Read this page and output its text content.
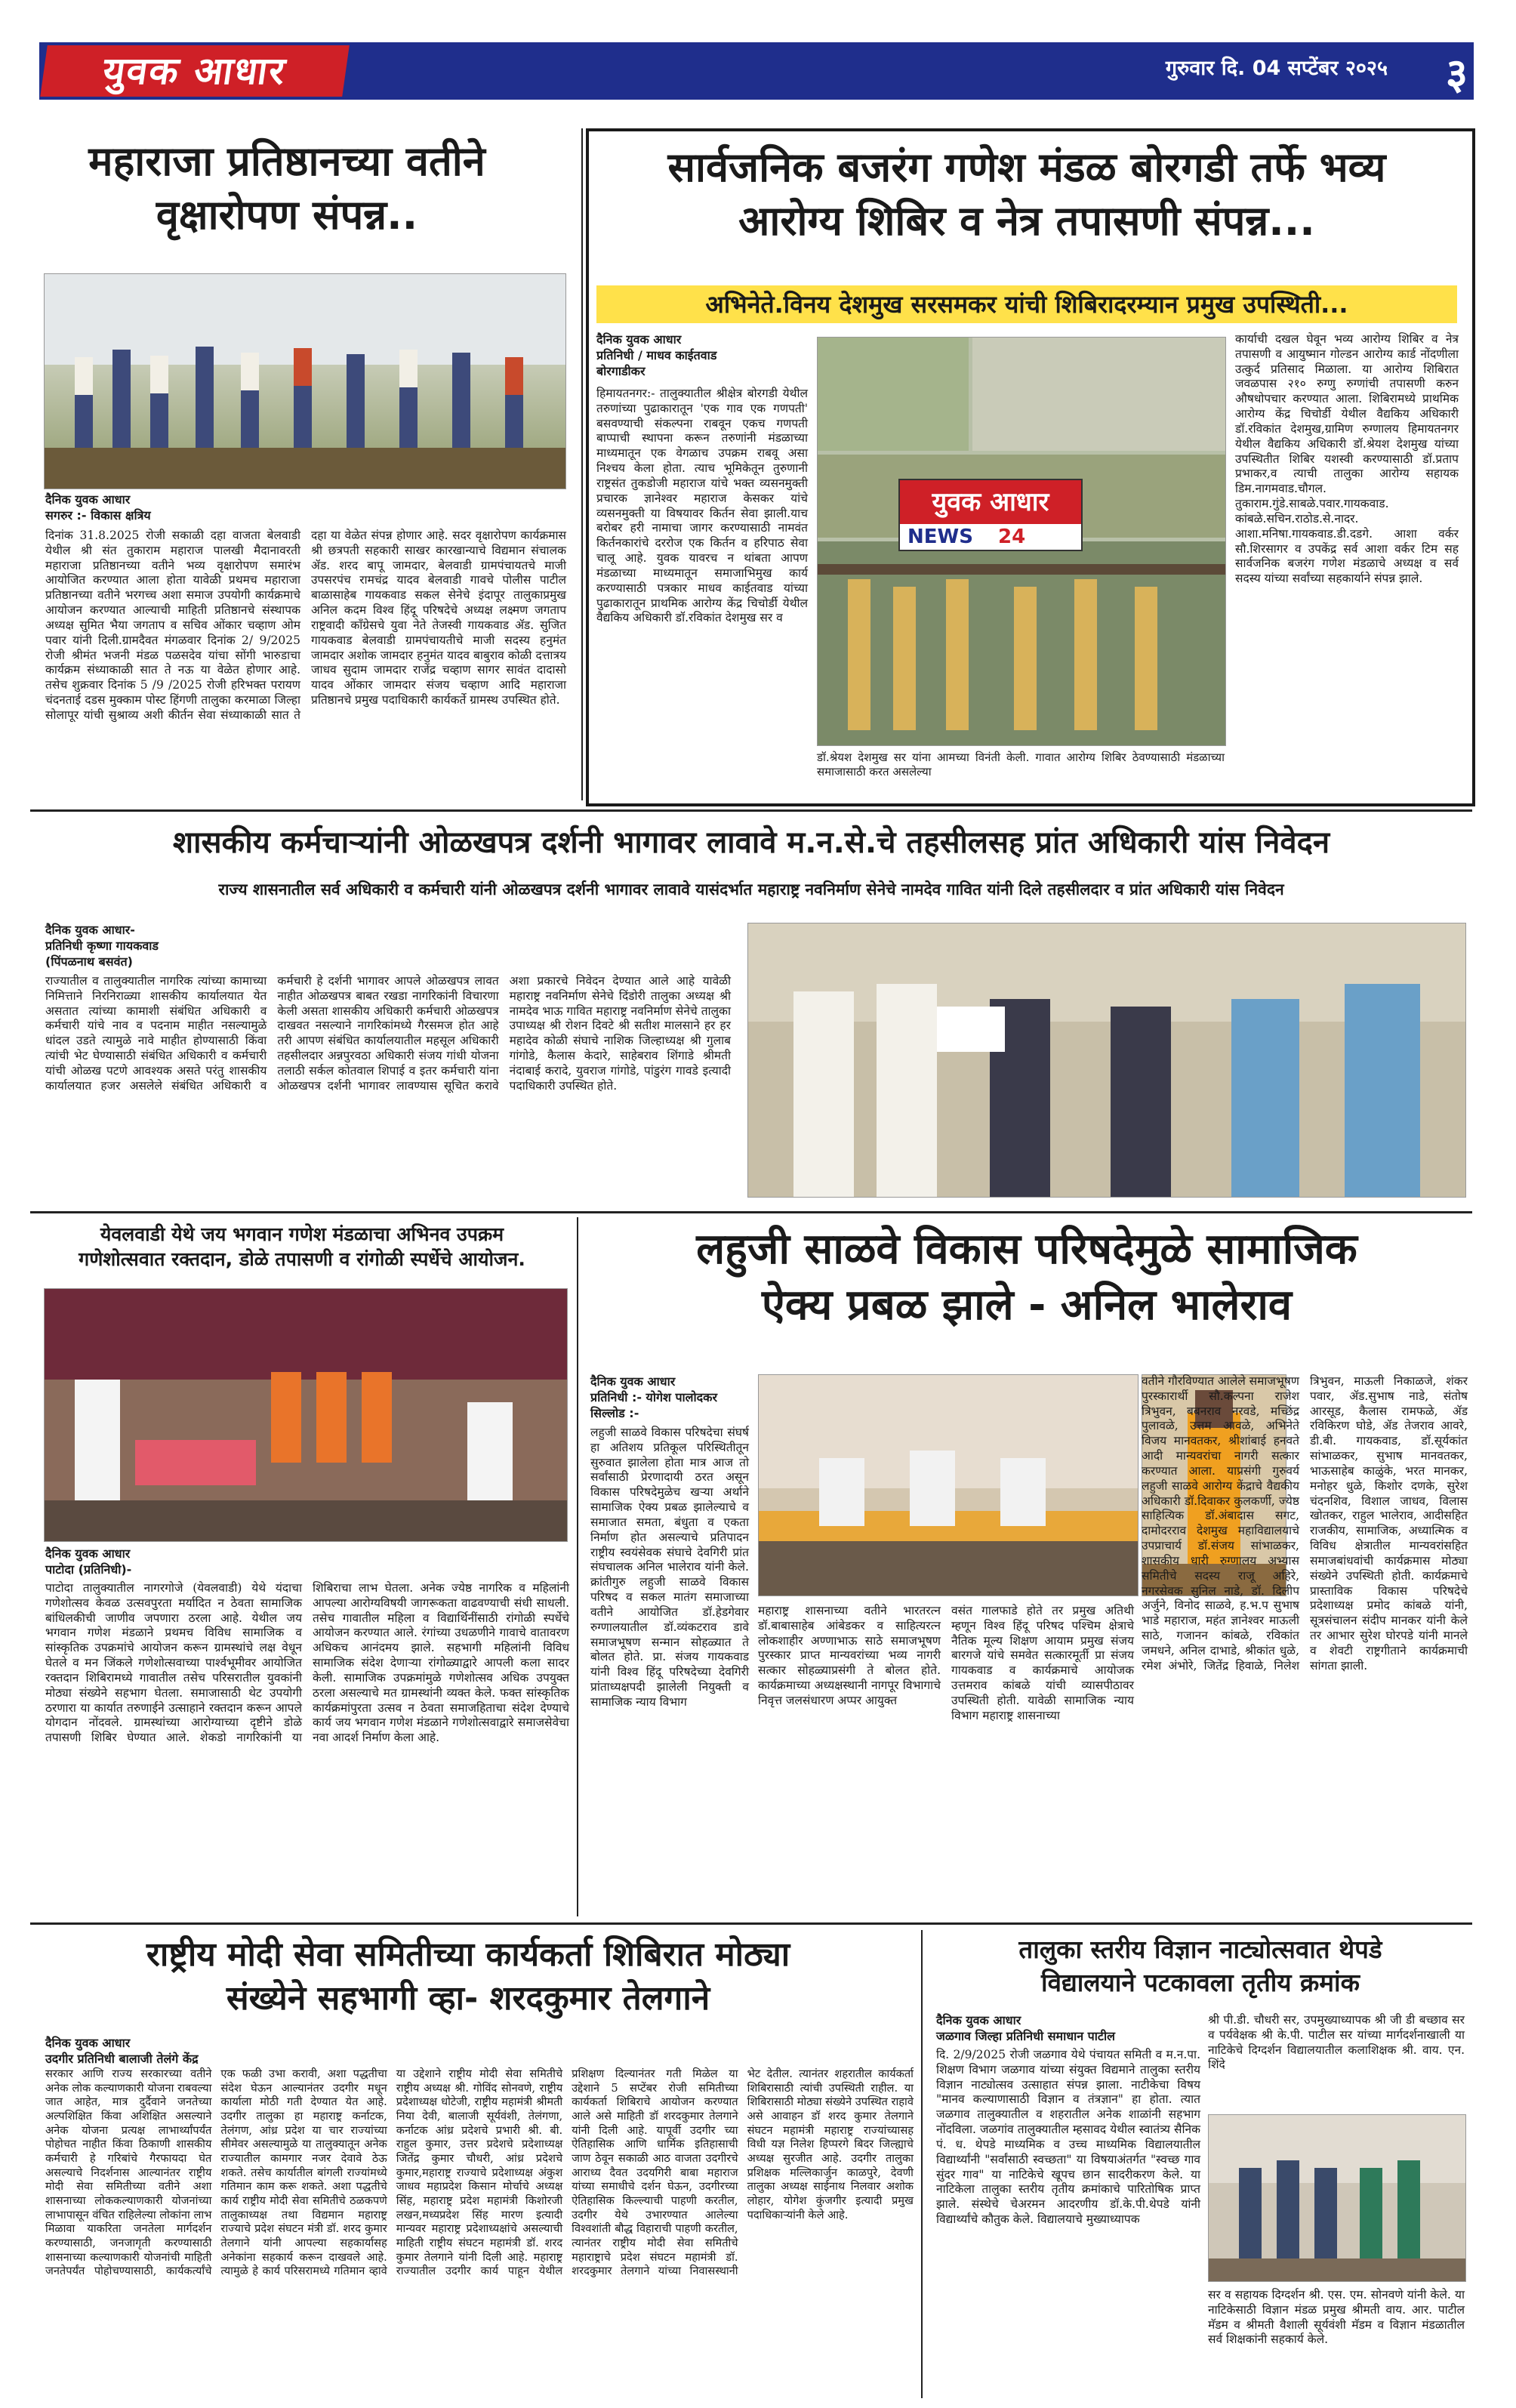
युवक आधार	गुरुवार दि. 04 सप्टेंबर २०२५ ३
महाराजा प्रतिष्ठानच्या वतीने
वृक्षारोपण संपन्न..
दैनिक युवक आधार
सगरुर :- विकास क्षत्रिय
दिनांक 31.8.2025 रोजी सकाळी दहा वाजता बेलवाडी येथील श्री संत तुकाराम महाराज पालखी मैदानावरती महाराजा प्रतिष्ठानच्या वतीने भव्य वृक्षारोपण समारंभ आयोजित करण्यात आला होता यावेळी प्रथमच महाराजा प्रतिष्ठानच्या वतीने भरगच्च अशा समाज उपयोगी कार्यक्रमाचे आयोजन करण्यात आल्याची माहिती प्रतिष्ठानचे संस्थापक अध्यक्ष सुमित भैया जगताप व सचिव ओंकार चव्हाण ओम पवार यांनी दिली.ग्रामदैवत मंगळवार दिनांक 2/ 9/2025 रोजी श्रीमंत भजनी मंडळ पळसदेव यांचा सोंगी भारुडाचा कार्यक्रम संध्याकाळी सात ते नऊ या वेळेत होणार आहे. तसेच शुक्रवार दिनांक 5 /9 /2025 रोजी हरिभक्त परायण चंदनताई दडस मुक्काम पोस्ट हिंगणी तालुका करमाळा जिल्हा सोलापूर यांची सुश्राव्य अशी कीर्तन सेवा संध्याकाळी सात ते दहा या वेळेत संपन्न होणार आहे. सदर वृक्षारोपण कार्यक्रमास श्री छत्रपती सहकारी साखर कारखान्याचे विद्यमान संचालक ॲड. शरद बापू जामदार, बेलवाडी ग्रामपंचायतचे माजी उपसरपंच रामचंद्र यादव बेलवाडी गावचे पोलीस पाटील बाळासाहेब गायकवाड सकल सेनेचे इंदापूर तालुकाप्रमुख अनिल कदम विश्व हिंदू परिषदेचे अध्यक्ष लक्ष्मण जगताप राष्ट्रवादी काँग्रेसचे युवा नेते तेजस्वी गायकवाड ॲड. सुजित गायकवाड बेलवाडी ग्रामपंचायतीचे माजी सदस्य हनुमंत जामदार अशोक जामदार हनुमंत यादव बाबुराव कोळी दत्तात्रय जाधव सुदाम जामदार राजेंद्र चव्हाण सागर सावंत दादासो यादव ओंकार जामदार संजय चव्हाण आदि महाराजा प्रतिष्ठानचे प्रमुख पदाधिकारी कार्यकर्ते ग्रामस्थ उपस्थित होते.
सार्वजनिक बजरंग गणेश मंडळ बोरगडी तर्फे भव्य
आरोग्य शिबिर व नेत्र तपासणी संपन्न...
अभिनेते.विनय देशमुख सरसमकर यांची शिबिरादरम्यान प्रमुख उपस्थिती...
दैनिक युवक आधार
प्रतिनिधी / माधव काईतवाड
बोरगाडीकर
हिमायतनगर:- तालुक्यातील श्रीक्षेत्र बोरगडी येथील तरुणांच्या पुढाकारातून 'एक गाव एक गणपती' बसवण्याची संकल्पना राबवून एकच गणपती बाप्पाची स्थापना करून तरुणांनी मंडळाच्या माध्यमातून एक वेगळाच उपक्रम राबवू असा निश्चय केला होता. त्याच भूमिकेतून तुरुणानी राष्ट्रसंत तुकडोजी महाराज यांचे भक्त व्यसनमुक्ती प्रचारक ज्ञानेश्वर महाराज केसकर यांचे व्यसनमुक्ती या विषयावर किर्तन सेवा झाली.याच बरोबर हरी नामाचा जागर करण्यासाठी नामवंत किर्तनकारांचे दररोज एक किर्तन व हरिपाठ सेवा चालू आहे. युवक यावरच न थांबता आपण मंडळाच्या माध्यमातून समाजाभिमुख कार्य करण्यासाठी पत्रकार माधव काईतवाड यांच्या पुढाकारातून प्राथमिक आरोग्य केंद्र चिचोर्डी येथील वैद्यकिय अधिकारी डॉ.रविकांत देशमुख सर व
युवक आधार
NEWS 24
डॉ.श्रेयश देशमुख सर यांना आमच्या विनंती केली. गावात आरोग्य शिबिर ठेवण्यासाठी मंडळाच्या समाजासाठी करत असलेल्या
कार्याची दखल घेवून भव्य आरोग्य शिबिर व नेत्र तपासणी व आयुष्मान गोल्डन आरोग्य कार्ड नोंदणीला उत्कुर्द प्रतिसाद मिळाला. या आरोग्य शिबिरात जवळपास २१० रुग्णु रुग्णांची तपासणी करुन औषधोपचार करण्यात आला. शिबिरामध्ये प्राथमिक आरोग्य केंद्र चिचोर्डी येथील वैद्यकिय अधिकारी डॉ.रविकांत देशमुख,ग्रामिण रुग्णालय हिमायतनगर येथील वैद्यकिय अधिकारी डॉ.श्रेयश देशमुख यांच्या उपस्थितीत शिबिर यशस्वी करण्यासाठी डॉ.प्रताप प्रभाकर,व त्याची तालुका आरोग्य सहायक डिम.नागमवाड.चौगल. तुकाराम.गुंडे.साबळे.पवार.गायकवाड. कांबळे.सचिन.राठोड.से.नादर. आशा.मनिषा.गायकवाड.डी.दडगे. आशा वर्कर सौ.शिरसागर व उपकेंद्र सर्व आशा वर्कर टिम सह सार्वजनिक बजरंग गणेश मंडळाचे अध्यक्ष व सर्व सदस्य यांच्या सर्वांच्या सहकार्याने संपन्न झाले.
शासकीय कर्मचाऱ्यांनी ओळखपत्र दर्शनी भागावर लावावे म.न.से.चे तहसीलसह प्रांत अधिकारी यांस निवेदन
राज्य शासनातील सर्व अधिकारी व कर्मचारी यांनी ओळखपत्र दर्शनी भागावर लावावे यासंदर्भात महाराष्ट्र नवनिर्माण सेनेचे नामदेव गावित यांनी दिले तहसीलदार व प्रांत अधिकारी यांस निवेदन
दैनिक युवक आधार-
प्रतिनिधी कृष्णा गायकवाड
(पिंपळनाथ बसवंत)
राज्यातील व तालुक्यातील नागरिक त्यांच्या कामाच्या निमित्ताने निरनिराळ्या शासकीय कार्यालयात येत असतात त्यांच्या कामाशी संबंधित अधिकारी व कर्मचारी यांचे नाव व पदनाम माहीत नसल्यामुळे धांदल उडते त्यामुळे नावे माहीत होण्यासाठी किंवा त्यांची भेट घेण्यासाठी संबंधित अधिकारी व कर्मचारी यांची ओळख पटणे आवश्यक असते परंतु शासकीय कार्यालयात हजर असलेले संबंधित अधिकारी व कर्मचारी हे दर्शनी भागावर आपले ओळखपत्र लावत नाहीत ओळखपत्र बाबत रखडा नागरिकांनी विचारणा केली असता शासकीय अधिकारी कर्मचारी ओळखपत्र दाखवत नसल्याने नागरिकांमध्ये गैरसमज होत आहे तरी आपण संबंधित कार्यालयातील महसूल अधिकारी तहसीलदार अन्नपुरवठा अधिकारी संजय गांधी योजना तलाठी सर्कल कोतवाल शिपाई व इतर कर्मचारी यांना ओळखपत्र दर्शनी भागावर लावण्यास सूचित करावे अशा प्रकारचे निवेदन देण्यात आले आहे यावेळी महाराष्ट्र नवनिर्माण सेनेचे दिंडोरी तालुका अध्यक्ष श्री नामदेव भाऊ गावित महाराष्ट्र नवनिर्माण सेनेचे तालुका उपाध्यक्ष श्री रोशन दिवटे श्री सतीश मालसाने हर हर महादेव कोळी संघाचे नाशिक जिल्हाध्यक्ष श्री गुलाब गांगोडे, कैलास केदारे, साहेबराव शिंगाडे श्रीमती नंदाबाई करादे, युवराज गांगोडे, पांडुरंग गावडे इत्यादी पदाधिकारी उपस्थित होते.
येवलवाडी येथे जय भगवान गणेश मंडळाचा अभिनव उपक्रम
गणेशोत्सवात रक्तदान, डोळे तपासणी व रांगोळी स्पर्धेचे आयोजन.
दैनिक युवक आधार
पाटोदा (प्रतिनिधी)-
पाटोदा तालुक्यातील नागरगोजे (येवलवाडी) येथे यंदाचा गणेशोत्सव केवळ उत्सवपुरता मर्यादित न ठेवता सामाजिक बांधिलकीची जाणीव जपणारा ठरला आहे. येथील जय भगवान गणेश मंडळाने प्रथमच विविध सामाजिक व सांस्कृतिक उपक्रमांचे आयोजन करून ग्रामस्थांचे लक्ष वेधून घेतले व मन जिंकले गणेशोत्सवाच्या पार्श्वभूमीवर आयोजित रक्तदान शिबिरामध्ये गावातील तसेच परिसरातील युवकांनी मोठ्या संख्येने सहभाग घेतला. समाजासाठी थेट उपयोगी ठरणारा या कार्यात तरुणाईने उत्साहाने रक्तदान करून आपले योगदान नोंदवले. ग्रामस्थांच्या आरोग्याच्या दृष्टीने डोळे तपासणी शिबिर घेण्यात आले. शेकडो नागरिकांनी या शिबिराचा लाभ घेतला. अनेक ज्येष्ठ नागरिक व महिलांनी आपल्या आरोग्यविषयी जागरूकता वाढवण्याची संधी साधली. तसेच गावातील महिला व विद्यार्थिनींसाठी रांगोळी स्पर्धेचे आयोजन करण्यात आले. रंगांच्या उधळणीने गावाचे वातावरण अधिकच आनंदमय झाले. सहभागी महिलांनी विविध सामाजिक संदेश देणाऱ्या रांगोळ्याद्वारे आपली कला सादर केली. सामाजिक उपक्रमांमुळे गणेशोत्सव अधिक उपयुक्त ठरला असल्याचे मत ग्रामस्थांनी व्यक्त केले. फक्त सांस्कृतिक कार्यक्रमांपुरता उत्सव न ठेवता समाजहिताचा संदेश देण्याचे कार्य जय भगवान गणेश मंडळाने गणेशोत्सवाद्वारे समाजसेवेचा नवा आदर्श निर्माण केला आहे.
लहुजी साळवे विकास परिषदेमुळे सामाजिक
ऐक्य प्रबळ झाले - अनिल भालेराव
दैनिक युवक आधार
प्रतिनिधी :- योगेश पालोदकर
सिल्लोड :-
लहुजी साळवे विकास परिषदेचा संघर्ष हा अतिशय प्रतिकूल परिस्थितीतून सुरुवात झालेला होता मात्र आज तो सर्वांसाठी प्रेरणादायी ठरत असून विकास परिषदेमुळेच खऱ्या अर्थाने सामाजिक ऐक्य प्रबळ झालेल्याचे व समाजात समता, बंधुता व एकता निर्माण होत असल्याचे प्रतिपादन राष्ट्रीय स्वयंसेवक संघाचे देवगिरी प्रांत संघचालक अनिल भालेराव यांनी केले. क्रांतीगुरु लहुजी साळवे विकास परिषद व सकल मातंग समाजाच्या वतीने आयोजित डॉ.हेडगेवार रुग्णालयातील डॉ.व्यंकटराव डावे समाजभूषण सन्मान सोहळ्यात ते बोलत होते. प्रा. संजय गायकवाड यांनी विश्व हिंदू परिषदेच्या देवगिरी प्रांताध्यक्षपदी झालेली नियुक्ती व सामाजिक न्याय विभाग
महाराष्ट्र शासनाच्या वतीने भारतरत्न डॉ.बाबासाहेब आंबेडकर व साहित्यरत्न लोकशाहीर अण्णाभाऊ साठे समाजभूषण पुरस्कार प्राप्त मान्यवरांच्या भव्य नागरी सत्कार सोहळ्याप्रसंगी ते बोलत होते. कार्यक्रमाच्या अध्यक्षस्थानी नागपूर विभागाचे निवृत्त जलसंधारण अप्पर आयुक्त
वसंत गालफाडे होते तर प्रमुख अतिथी म्हणून विश्व हिंदू परिषद पश्चिम क्षेत्राचे नैतिक मूल्य शिक्षण आयाम प्रमुख संजय बारगजे यांचे समवेत सत्कारमूर्ती प्रा संजय गायकवाड व कार्यक्रमाचे आयोजक उत्तमराव कांबळे यांची व्यासपीठावर उपस्थिती होती. यावेळी सामाजिक न्याय विभाग महाराष्ट्र शासनाच्या
वतीने गौरविण्यात आलेले समाजभूषण पुरस्कारार्थी सौ.कल्पना राजेश त्रिभुवन, बबनराव नरवडे, मच्छिंद्र पुलावळे, उत्तम आवळे, अभिनेते विजय मानवतकर, श्रीशांबाई हनवते आदी मान्यवरांचा नागरी सत्कार करण्यात आला. याप्रसंगी गुरुवर्य लहुजी साळवे आरोग्य केंद्राचे वैद्यकीय अधिकारी डॉ.दिवाकर कुलकर्णी, ज्येष्ठ साहित्यिक डॉ.अंबादास सगट, दामोदरराव देशमुख महाविद्यालयाचे उपप्राचार्य डॉ.संजय सांभाळकर, शासकीय धारी रुग्णालय अभ्यास समितीचे सदस्य राजू अहिरे, नगरसेवक सुनिल नाडे, डॉ. दिलीप अर्जुने, विनोद साळवे, ह.भ.प सुभाष भाडे महाराज, महंत ज्ञानेश्वर माऊली साठे, गजानन कांबळे, रविकांत जमधने, अनिल दाभाडे, श्रीकांत धुळे, रमेश अंभोरे, जितेंद्र हिवाळे, निलेश त्रिभुवन, माऊली निकाळजे, शंकर पवार, ॲड.सुभाष नाडे, संतोष आरसूड, कैलास रामफळे, ॲड रविकिरण घोडे, ॲड तेजराव आवरे, डी.बी. गायकवाड, डॉ.सूर्यकांत सांभाळकर, सुभाष मानवतकर, भाऊसाहेब काळुंके, भरत मानकर, मनोहर धुळे, किशोर दणके, सुरेश चंदनशिव, विशाल जाधव, विलास खोतकर, राहुल भालेराव, आदीसहित राजकीय, सामाजिक, अध्यात्मिक व विविध क्षेत्रातील मान्यवरांसहित समाजबांधवांची कार्यक्रमास मोठ्या संख्येने उपस्थिती होती. कार्यक्रमाचे प्रास्ताविक विकास परिषदेचे प्रदेशाध्यक्ष प्रमोद कांबळे यांनी, सूत्रसंचालन संदीप मानकर यांनी केले तर आभार सुरेश घोरपडे यांनी मानले व शेवटी राष्ट्रगीताने कार्यक्रमाची सांगता झाली.
राष्ट्रीय मोदी सेवा समितीच्या कार्यकर्ता शिबिरात मोठ्या
संख्येने सहभागी व्हा- शरदकुमार तेलगाने
दैनिक युवक आधार
उदगीर प्रतिनिधी बालाजी तेलंगे केंद्र
सरकार आणि राज्य सरकारच्या वतीने अनेक लोक कल्याणकारी योजना राबवल्या जात आहेत, मात्र दुर्दैवाने जनतेच्या अल्पशिक्षित किंवा अशिक्षित असल्याने अनेक योजना प्रत्यक्ष लाभार्थ्यांपर्यंत पोहोचत नाहीत किंवा ठिकाणी शासकीय कर्मचारी हे गरिबांचे गैरफायदा घेत असल्याचे निदर्शनास आल्यानंतर राष्ट्रीय मोदी सेवा समितीच्या वतीने अशा शासनाच्या लोककल्याणकारी योजनांच्या लाभापासून वंचित राहिलेल्या लोकांना लाभ मिळावा याकरिता जनतेला मार्गदर्शन करण्यासाठी, जनजागृती करण्यासाठी शासनाच्या कल्याणकारी योजनांची माहिती जनतेपर्यंत पोहोचण्यासाठी, कार्यकर्त्यांचे एक फळी उभा करावी, अशा पद्धतीचा संदेश घेऊन आल्यानंतर उदगीर मधून कार्याला मोठी गती देण्यात येत आहे. उदगीर तालुका हा महाराष्ट्र कर्नाटक, तेलंगण, आंध्र प्रदेश या चार राज्यांच्या सीमेवर असल्यामुळे या तालुक्यातून अनेक राज्यातील कामगार नजर देवावे ठेऊ शकते. तसेच कार्यातील बांगली राज्यांमध्ये गतिमान काम करू शकते. अशा पद्धतीचे कार्य राष्ट्रीय मोदी सेवा समितीचे ठळकपणे तालुकाध्यक्ष तथा विद्यमान महाराष्ट्र राज्याचे प्रदेश संघटन मंत्री डॉ. शरद कुमार तेलगाने यांनी आपल्या सहकार्यासह अनेकांना सहकार्य करून दाखवले आहे. त्यामुळे हे कार्य परिसरामध्ये गतिमान व्हावे या उद्देशाने राष्ट्रीय मोदी सेवा समितीचे राष्ट्रीय अध्यक्ष श्री. गोविंद सोनवणे, राष्ट्रीय प्रदेशाध्यक्ष धोटेजी, राष्ट्रीय महामंत्री श्रीमती निया देवी, बालाजी सूर्यवंशी, तेलंगणा, कर्नाटक आंध्र प्रदेशचे प्रभारी श्री. बी. राहुल कुमार, उत्तर प्रदेशचे प्रदेशाध्यक्ष जितेंद्र कुमार चौधरी, आंध्र प्रदेशचे कुमार,महाराष्ट्र राज्याचे प्रदेशाध्यक्ष अंकुश जाधव महाप्रदेश किसान मोर्चाचे अध्यक्ष सिंह, महाराष्ट्र प्रदेश महामंत्री किशोरजी लखन,मध्यप्रदेश सिंह मारण इत्यादी मान्यवर महाराष्ट्र प्रदेशाध्यक्षांचे असल्याची माहिती राष्ट्रीय संघटन महामंत्री डॉ. शरद कुमार तेलगाने यांनी दिली आहे. महाराष्ट्र राज्यातील उदगीर कार्य पाहून येथील प्रशिक्षण दिल्यानंतर गती मिळेल या उद्देशाने 5 सप्टेंबर रोजी समितीच्या कार्यकर्ता शिबिराचे आयोजन करण्यात आले असे माहिती डॉ शरदकुमार तेलगाने यांनी दिली आहे. यापूर्वी उदगीर च्या ऐतिहासिक आणि धार्मिक इतिहासाची जाण ठेवून सकाळी आठ वाजता उदगीरचे आराध्य दैवत उदयगिरी बाबा महाराज यांच्या समाधीचे दर्शन घेऊन, उदगीरच्या ऐतिहासिक किल्ल्याची पाहणी करतील, उदगीर येथे उभारण्यात आलेल्या विश्वशांती बौद्ध विहाराची पाहणी करतील, त्यानंतर राष्ट्रीय मोदी सेवा समितीचे महाराष्ट्राचे प्रदेश संघटन महामंत्री डॉ. शरदकुमार तेलगाने यांच्या निवासस्थानी भेट देतील. त्यानंतर शहरातील कार्यकर्ता शिबिरासाठी त्यांची उपस्थिती राहील. या शिबिरासाठी मोठ्या संख्येने उपस्थित राहावे असे आवाहन डॉ शरद कुमार तेलगाने संघटन महामंत्री महाराष्ट्र राज्यांच्यासह विधी यज्ञ निलेश हिप्परगे बिदर जिल्ह्याचे अध्यक्ष सुरजीत आहे. उदगीर तालुका प्रशिक्षक मल्लिकार्जुन काळपुरे, देवणी तालुका अध्यक्ष साईनाथ निलवार अशोक लोहार, योगेश कुंजगीर इत्यादी प्रमुख पदाधिकाऱ्यांनी केले आहे.
तालुका स्तरीय विज्ञान नाट्योत्सवात थेपडे
विद्यालयाने पटकावला तृतीय क्रमांक
दैनिक युवक आधार
जळगाव जिल्हा प्रतिनिधी समाधान पाटील
श्री पी.डी. चौधरी सर, उपमुख्याध्यापक श्री जी डी बच्छाव सर व पर्यवेक्षक श्री के.पी. पाटील सर यांच्या मार्गदर्शनाखाली या नाटिकेचे दिग्दर्शन विद्यालयातील कलाशिक्षक श्री. वाय. एन. शिंदे
दि. 2/9/2025 रोजी जळगाव येथे पंचायत समिती व म.न.पा. शिक्षण विभाग जळगाव यांच्या संयुक्त विद्यमाने तालुका स्तरीय विज्ञान नाट्योत्सव उत्साहात संपन्न झाला. नाटीकेचा विषय "मानव कल्याणासाठी विज्ञान व तंत्रज्ञान" हा होता. त्यात जळगाव तालुक्यातील व शहरातील अनेक शाळांनी सहभाग नोंदविला. जळगांव तालुक्यातील म्हसावद येथील स्वातंत्र्य सैनिक पं. ध. थेपडे माध्यमिक व उच्च माध्यमिक विद्यालयातील विद्यार्थ्यांनी "सर्वांसाठी स्वच्छता" या विषयाअंतर्गत "स्वच्छ गाव सुंदर गाव" या नाटिकेचे खूपच छान सादरीकरण केले. या नाटिकेला तालुका स्तरीय तृतीय क्रमांकाचे पारितोषिक प्राप्त झाले. संस्थेचे चेअरमन आदरणीय डॉ.के.पी.थेपडे यांनी विद्यार्थ्यांचे कौतुक केले. विद्यालयाचे मुख्याध्यापक
सर व सहायक दिग्दर्शन श्री. एस. एम. सोनवणे यांनी केले. या नाटिकेसाठी विज्ञान मंडळ प्रमुख श्रीमती वाय. आर. पाटील मॅडम व श्रीमती वैशाली सूर्यवंशी मॅडम व विज्ञान मंडळातील सर्व शिक्षकांनी सहकार्य केले.
